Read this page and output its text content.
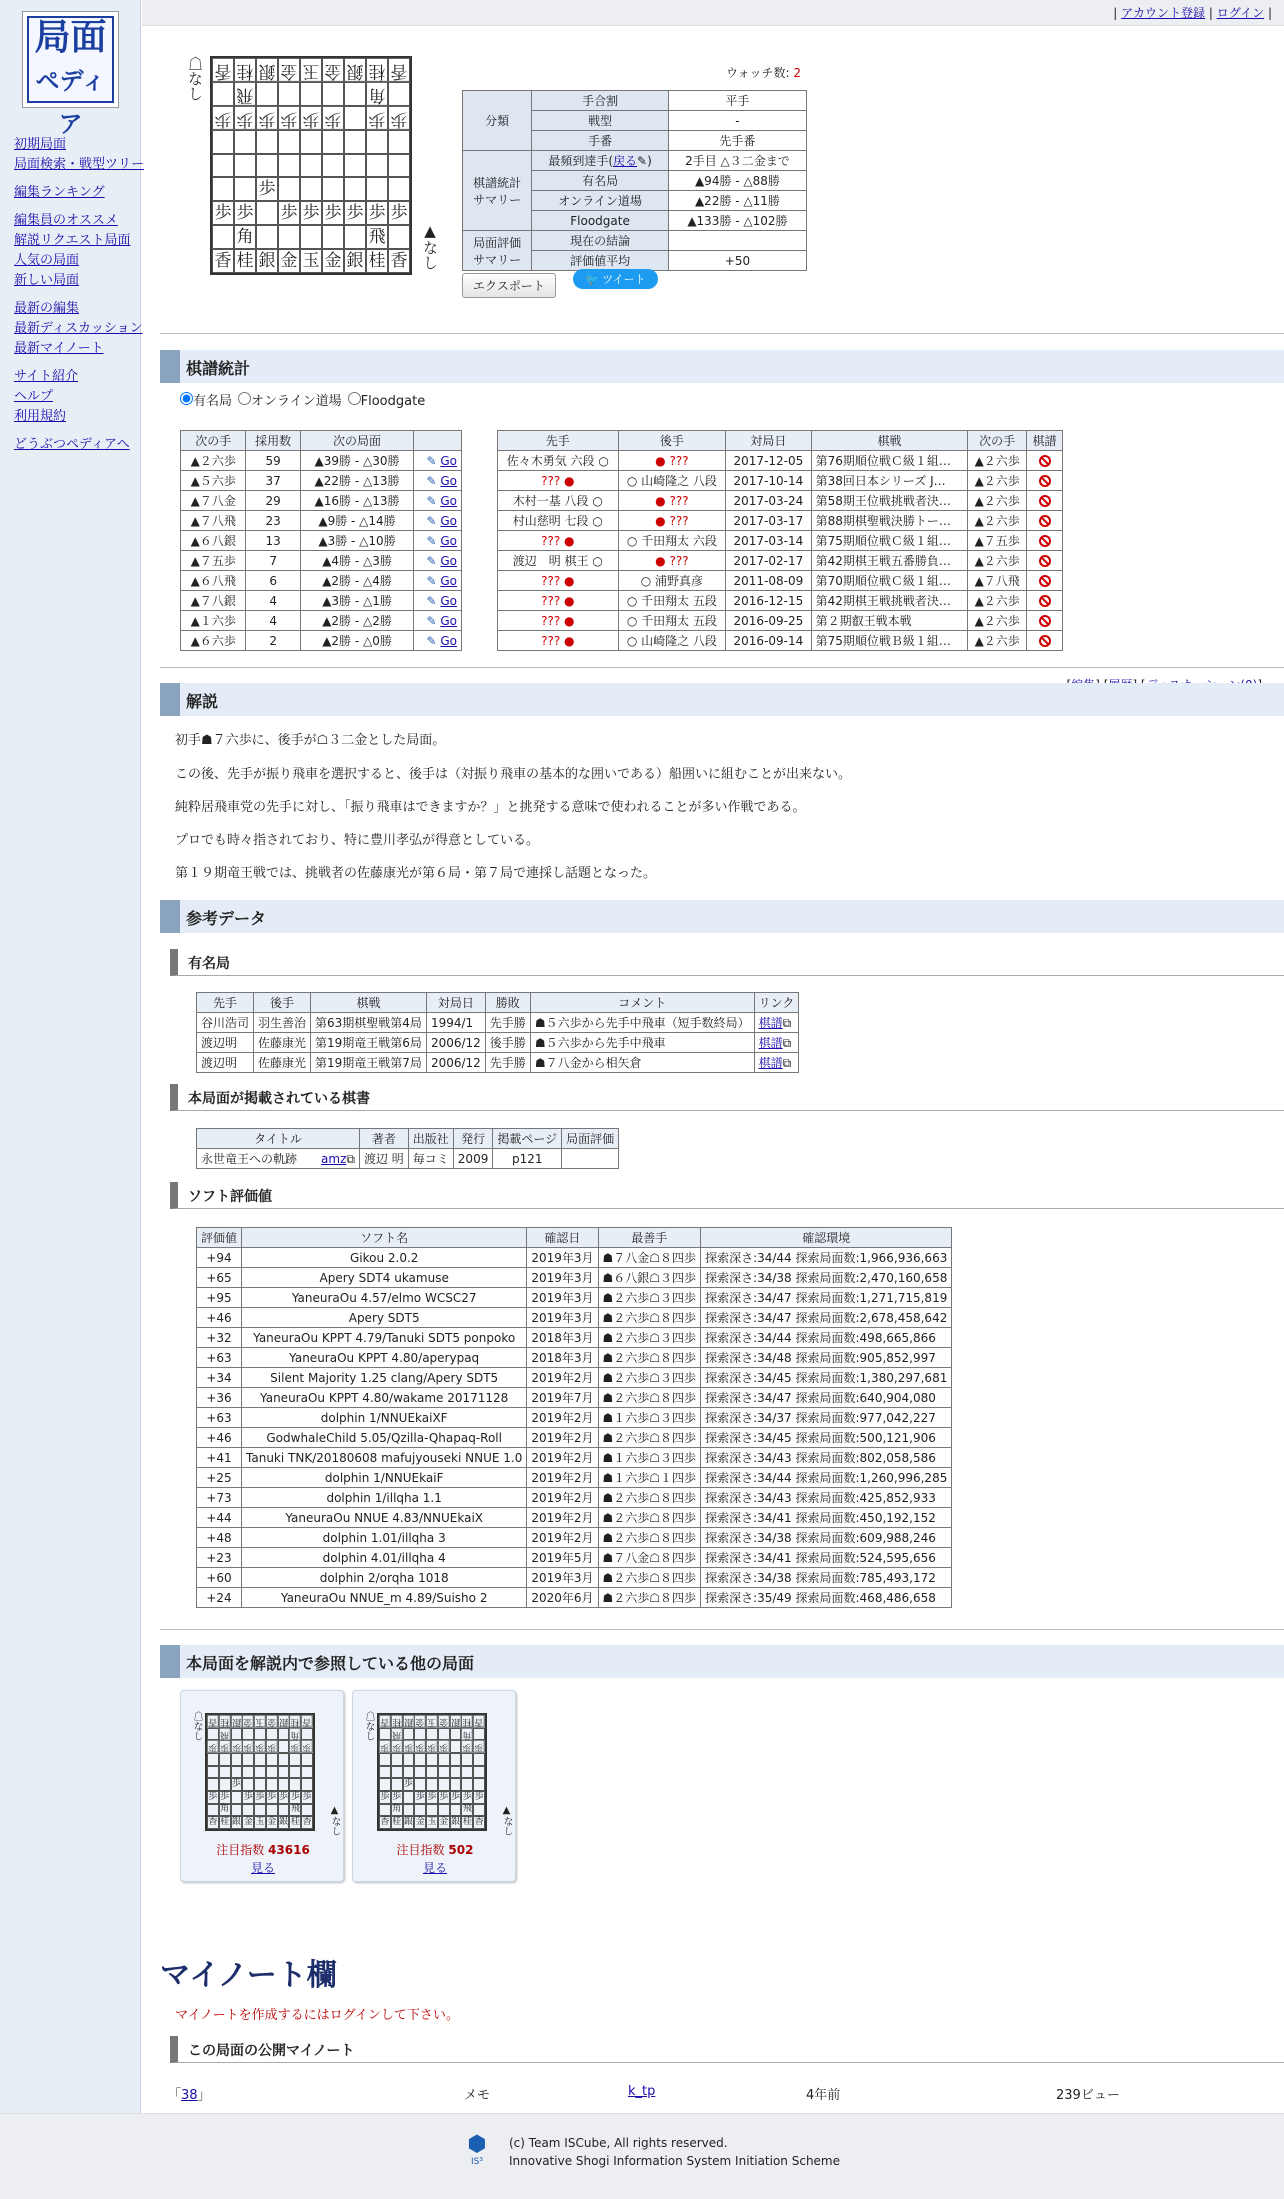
局面
ペディア
初期局面
局面検索・戦型ツリー
編集ランキング
編集員のオススメ
解説リクエスト局面
人気の局面
新しい局面
最新の編集
最新ディスカッション
最新マイノート
サイト紹介
ヘルプ
利用規約
どうぶつペディアへ
| アカウント登録 | ログイン |
☖なし 香 桂 銀 金 玉 金 銀 桂 香
飛	角
歩 歩 歩 歩 歩 歩 歩 歩
歩
歩 歩 歩 歩 歩 歩 歩 歩
角	飛
香 桂 銀 金 玉 金 銀 桂 香 ▲なし
ウォッチ数: 2
分類	手合割	平手
	戦型	-
	手番	先手番
棋譜統計
サマリー	最頻到達手(戻る✎)	2手目 △３二金まで
	有名局	▲94勝 - △88勝
	オンライン道場	▲22勝 - △11勝
	Floodgate	▲133勝 - △102勝
局面評価
サマリー	現在の結論	
	評価値平均	+50
エクスポート	🐦 ツイート
棋譜統計
有名局 オンライン道場 Floodgate
次の手	採用数	次の局面	
▲２六歩	59	▲39勝 - △30勝	✎ Go
▲５六歩	37	▲22勝 - △13勝	✎ Go
▲７八金	29	▲16勝 - △13勝	✎ Go
▲７八飛	23	▲9勝 - △14勝	✎ Go
▲６八銀	13	▲3勝 - △10勝	✎ Go
▲７五歩	7	▲4勝 - △3勝	✎ Go
▲６八飛	6	▲2勝 - △4勝	✎ Go
▲７八銀	4	▲3勝 - △1勝	✎ Go
▲１六歩	4	▲2勝 - △2勝	✎ Go
▲６六歩	2	▲2勝 - △0勝	✎ Go
先手	後手	対局日	棋戦	次の手	棋譜
佐々木勇気 六段 ○	● ???	2017-12-05	第76期順位戦Ｃ級１組…	▲２六歩	
??? ●	○ 山崎隆之 八段	2017-10-14	第38回日本シリーズ J…	▲２六歩	
木村一基 八段 ○	● ???	2017-03-24	第58期王位戦挑戦者決…	▲２六歩	
村山慈明 七段 ○	● ???	2017-03-17	第88期棋聖戦決勝トー…	▲２六歩	
??? ●	○ 千田翔太 六段	2017-03-14	第75期順位戦Ｃ級１組…	▲７五歩	
渡辺　明 棋王 ○	● ???	2017-02-17	第42期棋王戦五番勝負…	▲２六歩	
??? ●	○ 浦野真彦	2011-08-09	第70期順位戦Ｃ級１組…	▲７八飛	
??? ●	○ 千田翔太 五段	2016-12-15	第42期棋王戦挑戦者決…	▲２六歩	
??? ●	○ 千田翔太 五段	2016-09-25	第２期叡王戦本戦	▲２六歩	
??? ●	○ 山崎隆之 八段	2016-09-14	第75期順位戦Ｂ級１組…	▲２六歩	
解説

初手☗７六歩に、後手が☖３二金とした局面。

この後、先手が振り飛車を選択すると、後手は（対振り飛車の基本的な囲いである）船囲いに組むことが出来ない。

純粋居飛車党の先手に対し、「振り飛車はできますか？」と挑発する意味で使われることが多い作戦である。

プロでも時々指されており、特に豊川孝弘が得意としている。

第１９期竜王戦では、挑戦者の佐藤康光が第６局・第７局で連採し話題となった。

参考データ
有名局
先手	後手	棋戦	対局日	勝敗	コメント	リンク
谷川浩司	羽生善治	第63期棋聖戦第4局	1994/1	先手勝	☗５六歩から先手中飛車（短手数終局）	棋譜⧉
渡辺明	佐藤康光	第19期竜王戦第6局	2006/12	後手勝	☗５六歩から先手中飛車	棋譜⧉
渡辺明	佐藤康光	第19期竜王戦第7局	2006/12	先手勝	☗７八金から相矢倉	棋譜⧉
本局面が掲載されている棋書
タイトル	著者	出版社	発行	掲載ページ	局面評価
永世竜王への軌跡　　 amz⧉	渡辺 明	毎コミ	2009	p121	
ソフト評価値
評価値	ソフト名	確認日	最善手	確認環境
+94	Gikou 2.0.2	2019年3月	☗７八金☖８四歩	探索深さ:34/44 探索局面数:1,966,936,663
+65	Apery SDT4 ukamuse	2019年3月	☗６八銀☖３四歩	探索深さ:34/38 探索局面数:2,470,160,658
+95	YaneuraOu 4.57/elmo WCSC27	2019年3月	☗２六歩☖３四歩	探索深さ:34/47 探索局面数:1,271,715,819
+46	Apery SDT5	2019年3月	☗２六歩☖８四歩	探索深さ:34/47 探索局面数:2,678,458,642
+32	YaneuraOu KPPT 4.79/Tanuki SDT5 ponpoko	2018年3月	☗２六歩☖３四歩	探索深さ:34/44 探索局面数:498,665,866
+63	YaneuraOu KPPT 4.80/aperypaq	2018年3月	☗２六歩☖８四歩	探索深さ:34/48 探索局面数:905,852,997
+34	Silent Majority 1.25 clang/Apery SDT5	2019年2月	☗２六歩☖３四歩	探索深さ:34/45 探索局面数:1,380,297,681
+36	YaneuraOu KPPT 4.80/wakame 20171128	2019年7月	☗２六歩☖８四歩	探索深さ:34/47 探索局面数:640,904,080
+63	dolphin 1/NNUEkaiXF	2019年2月	☗１六歩☖３四歩	探索深さ:34/37 探索局面数:977,042,227
+46	GodwhaleChild 5.05/Qzilla-Qhapaq-Roll	2019年2月	☗２六歩☖８四歩	探索深さ:34/45 探索局面数:500,121,906
+41	Tanuki TNK/20180608 mafujyouseki NNUE 1.0	2019年2月	☗１六歩☖３四歩	探索深さ:34/43 探索局面数:802,058,586
+25	dolphin 1/NNUEkaiF	2019年2月	☗１六歩☖１四歩	探索深さ:34/44 探索局面数:1,260,996,285
+73	dolphin 1/illqha 1.1	2019年2月	☗２六歩☖８四歩	探索深さ:34/43 探索局面数:425,852,933
+44	YaneuraOu NNUE 4.83/NNUEkaiX	2019年2月	☗２六歩☖８四歩	探索深さ:34/41 探索局面数:450,192,152
+48	dolphin 1.01/illqha 3	2019年2月	☗２六歩☖８四歩	探索深さ:34/38 探索局面数:609,988,246
+23	dolphin 4.01/illqha 4	2019年5月	☗７八金☖８四歩	探索深さ:34/41 探索局面数:524,595,656
+60	dolphin 2/orqha 1018	2019年3月	☗２六歩☖８四歩	探索深さ:34/38 探索局面数:785,493,172
+24	YaneuraOu NNUE_m 4.89/Suisho 2	2020年6月	☗２六歩☖８四歩	探索深さ:35/49 探索局面数:468,486,658
本局面を解説内で参照している他の局面
☖なし 香 桂 銀 金 玉 金 銀 桂 香
飛	角
歩 歩 歩 歩 歩 歩 歩 歩
歩
歩 歩 歩 歩 歩 歩 歩 歩
角	飛
香 桂 銀 金 玉 金 銀 桂 香 ▲なし
注目指数 43616
見る
☖なし 香 桂 銀 金 玉 金 銀 桂 香
飛	角
歩 歩 歩 歩 歩 歩 歩 歩
歩
歩 歩 歩 歩 歩 歩 歩 歩
角	飛
香 桂 銀 金 玉 金 銀 桂 香 ▲なし
注目指数 502
見る
マイノート欄
マイノートを作成するにはログインして下さい。
この局面の公開マイノート
「38」	メモ	k_tp	4年前	239ビュー
⬢
IS³
(c) Team ISCube, All rights reserved.
Innovative Shogi Information System Initiation Scheme
